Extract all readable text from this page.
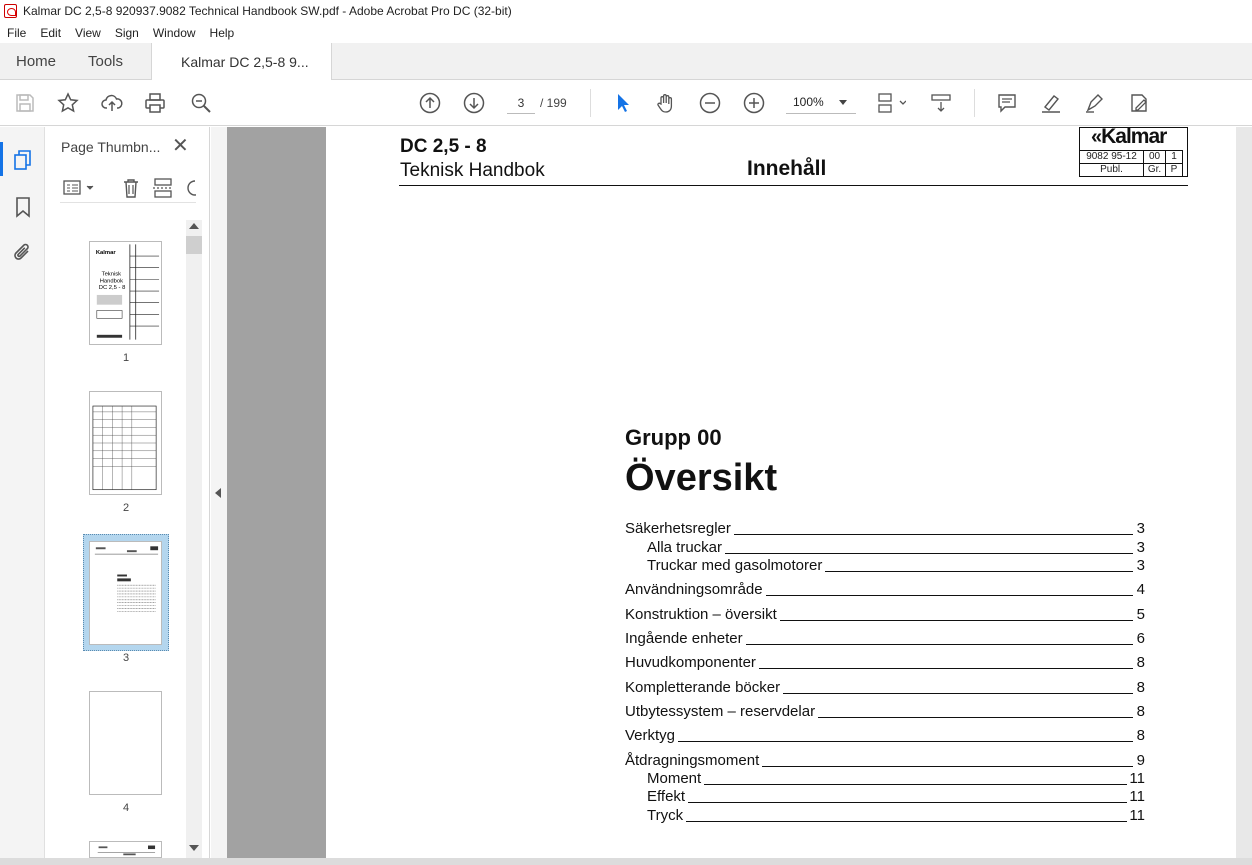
Kalmar DC 2,5-8 920937.9082 Technical Handbook SW.pdf - Adobe Acrobat Pro DC (32-bit)
File	Edit	View	Sign	Window	Help
Home Tools	Kalmar DC 2,5-8 9...
3
/ 199	100%
Page Thumbn... ✕
Kalmar
Teknisk
Handbok
DC 2,5 - 8
1
2
3
4
DC 2,5 - 8
Teknisk Handbok	Innehåll
«Kalmar
9082 95-12	00	1
Publ.	Gr.	P
Grupp 00
Översikt
Säkerhetsregler	3
Alla truckar	3
Truckar med gasolmotorer	3
Användningsområde	4
Konstruktion – översikt	5
Ingående enheter	6
Huvudkomponenter	8
Kompletterande böcker	8
Utbytessystem – reservdelar	8
Verktyg	8
Åtdragningsmoment	9
Moment	11
Effekt	11
Tryck	11
